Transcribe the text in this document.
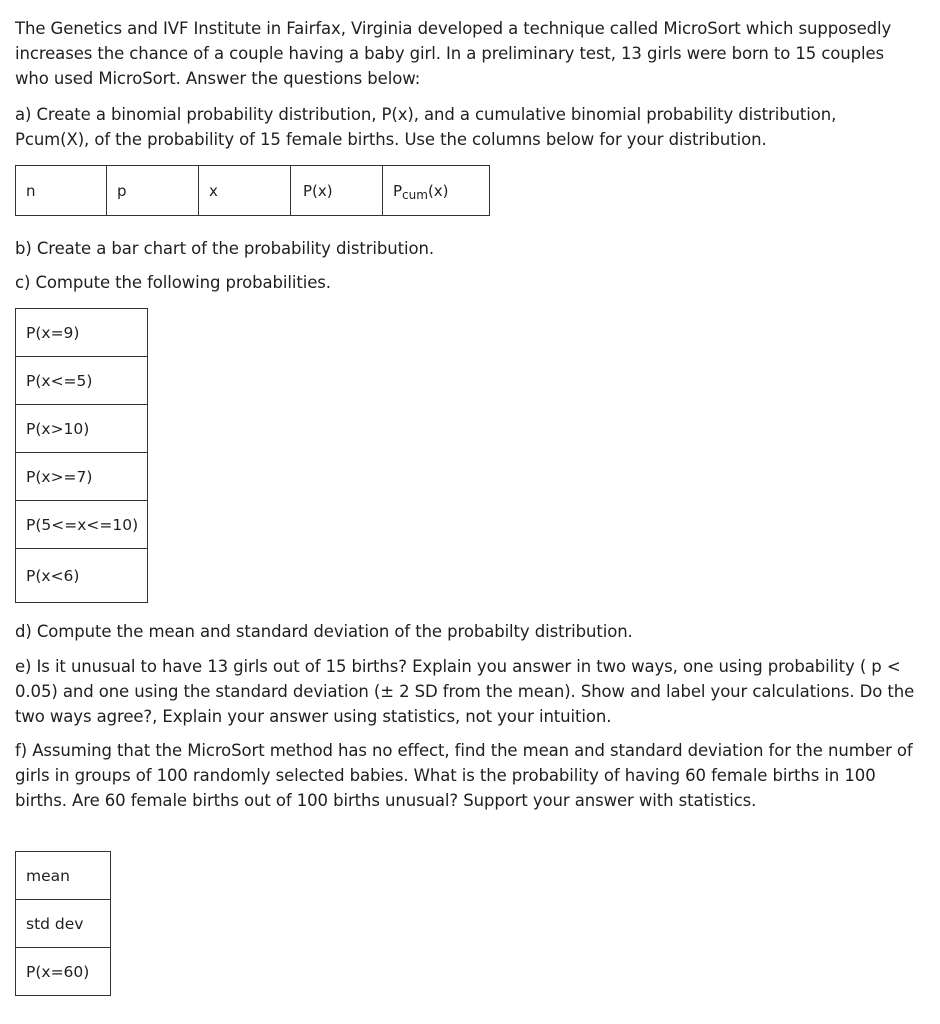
The Genetics and IVF Institute in Fairfax, Virginia developed a technique called MicroSort which supposedly increases the chance of a couple having a baby girl. In a preliminary test, 13 girls were born to 15 couples who used MicroSort. Answer the questions below:

a) Create a binomial probability distribution, P(x), and a cumulative binomial probability distribution, Pcum(X), of the probability of 15 female births. Use the columns below for your distribution.

n	p	x	P(x)	$P_{cum}(x)$

b) Create a bar chart of the probability distribution.

c) Compute the following probabilities.

P(x=9)
P(x<=5)
P(x>10)
P(x>=7)
P(5<=x<=10)
P(x<6)

d) Compute the mean and standard deviation of the probabilty distribution.

e) Is it unusual to have 13 girls out of 15 births? Explain you answer in two ways, one using probability ( p < 0.05) and one using the standard deviation (± 2 SD from the mean). Show and label your calculations. Do the two ways agree?, Explain your answer using statistics, not your intuition.

f) Assuming that the MicroSort method has no effect, find the mean and standard deviation for the number of girls in groups of 100 randomly selected babies. What is the probability of having 60 female births in 100 births. Are 60 female births out of 100 births unusual? Support your answer with statistics.

mean
std dev
P(x=60)
